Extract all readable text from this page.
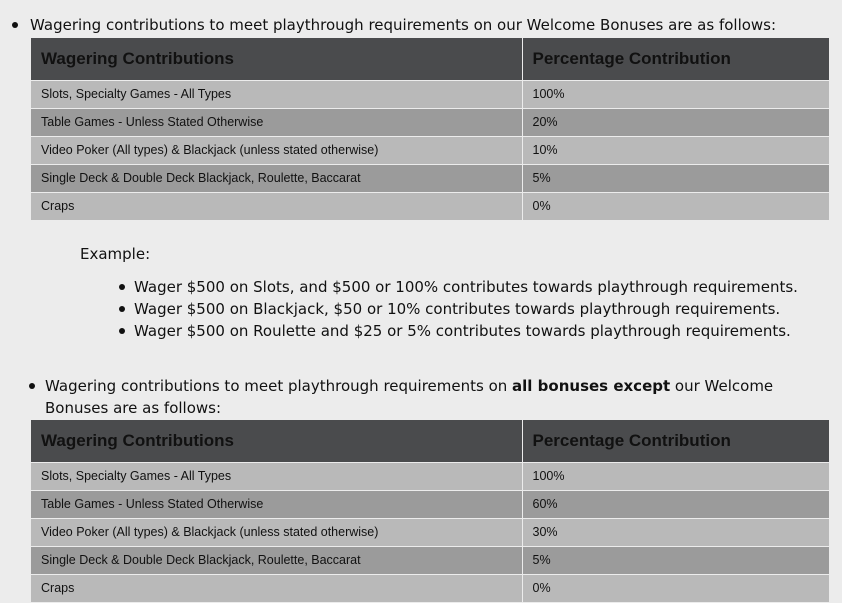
Wagering contributions to meet playthrough requirements on our Welcome Bonuses are as follows:
Wagering Contributions	Percentage Contribution
Slots, Specialty Games - All Types	100%
Table Games - Unless Stated Otherwise	20%
Video Poker (All types) & Blackjack (unless stated otherwise)	10%
Single Deck & Double Deck Blackjack, Roulette, Baccarat	5%
Craps	0%
Example:
Wager $500 on Slots, and $500 or 100% contributes towards playthrough requirements.
Wager $500 on Blackjack, $50 or 10% contributes towards playthrough requirements.
Wager $500 on Roulette and $25 or 5% contributes towards playthrough requirements.
Wagering contributions to meet playthrough requirements on all bonuses except our Welcome Bonuses are as follows:
Wagering Contributions	Percentage Contribution
Slots, Specialty Games - All Types	100%
Table Games - Unless Stated Otherwise	60%
Video Poker (All types) & Blackjack (unless stated otherwise)	30%
Single Deck & Double Deck Blackjack, Roulette, Baccarat	5%
Craps	0%
